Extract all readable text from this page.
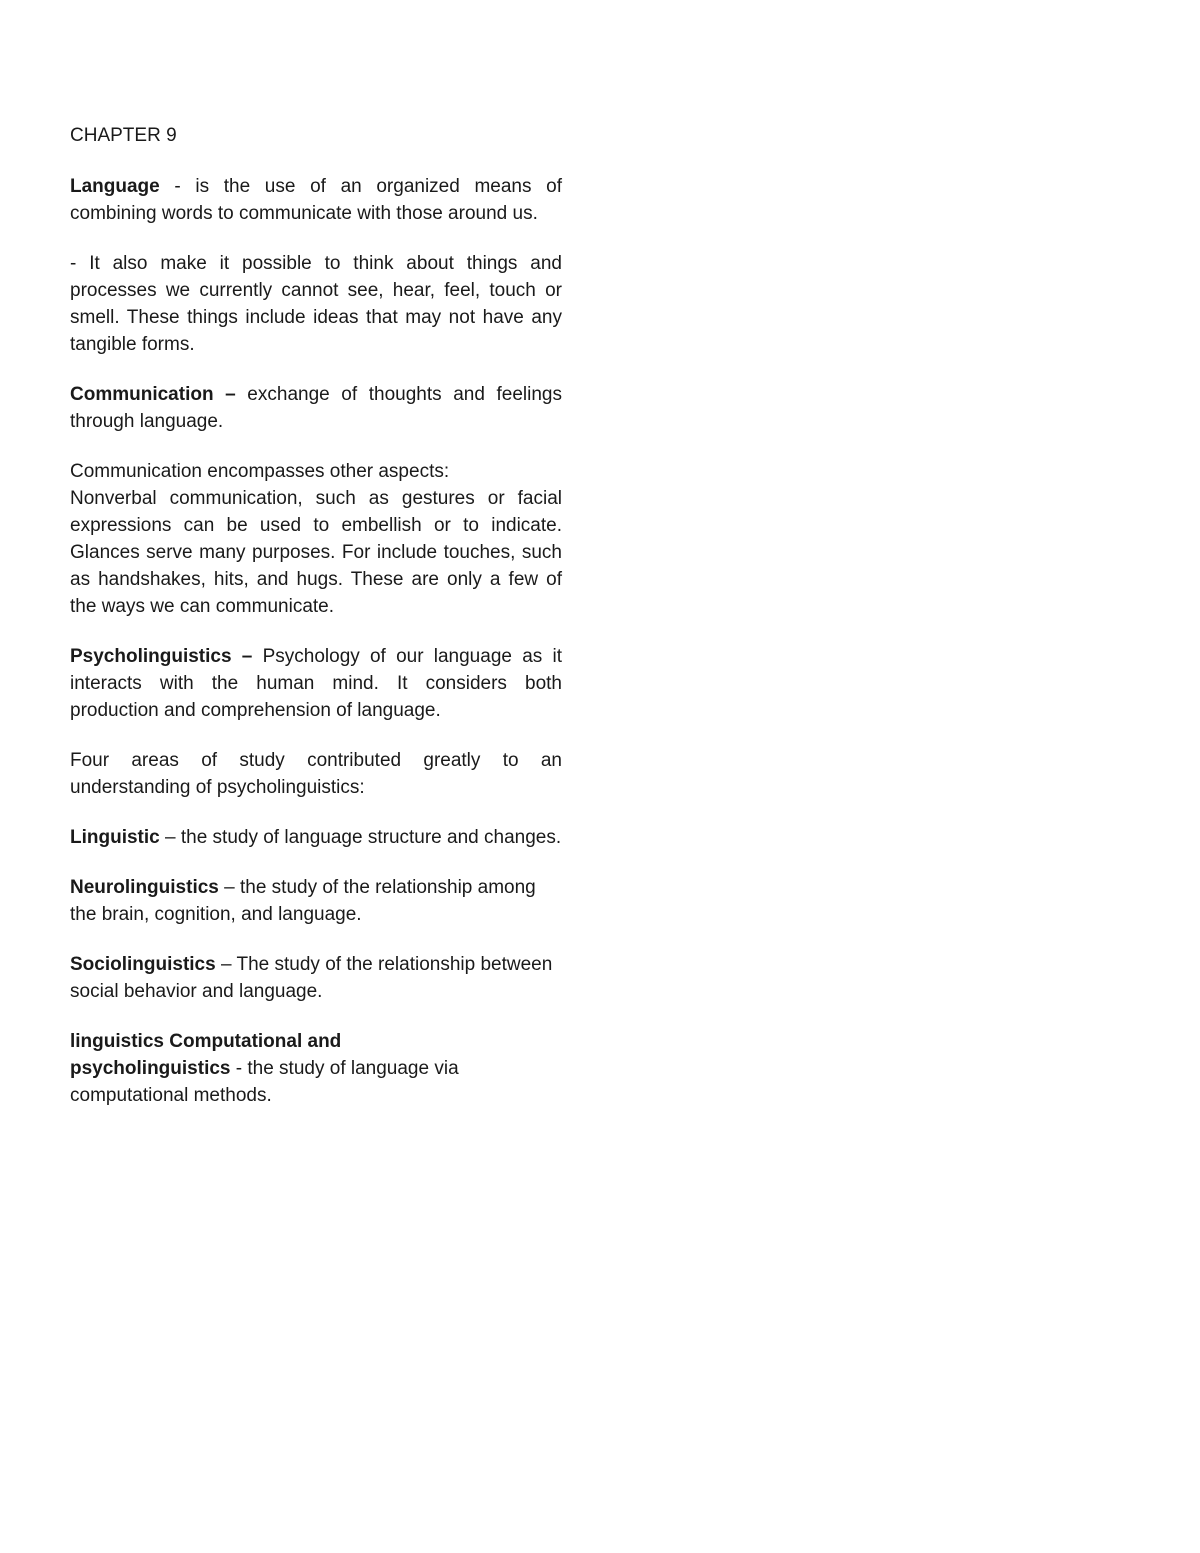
CHAPTER 9

Language - is the use of an organized means of combining words to communicate with those around us.

- It also make it possible to think about things and processes we currently cannot see, hear, feel, touch or smell. These things include ideas that may not have any tangible forms.

Communication – exchange of thoughts and feelings through language.

Communication encompasses other aspects:
Nonverbal communication, such as gestures or facial expressions can be used to embellish or to indicate. Glances serve many purposes. For include touches, such as handshakes, hits, and hugs. These are only a few of the ways we can communicate.

Psycholinguistics – Psychology of our language as it interacts with the human mind. It considers both production and comprehension of language.

Four areas of study contributed greatly to an understanding of psycholinguistics:

Linguistic – the study of language structure and changes.

Neurolinguistics – the study of the relationship among the brain, cognition, and language.

Sociolinguistics – The study of the relationship between social behavior and language.

linguistics Computational and
psycholinguistics - the study of language via computational methods.
